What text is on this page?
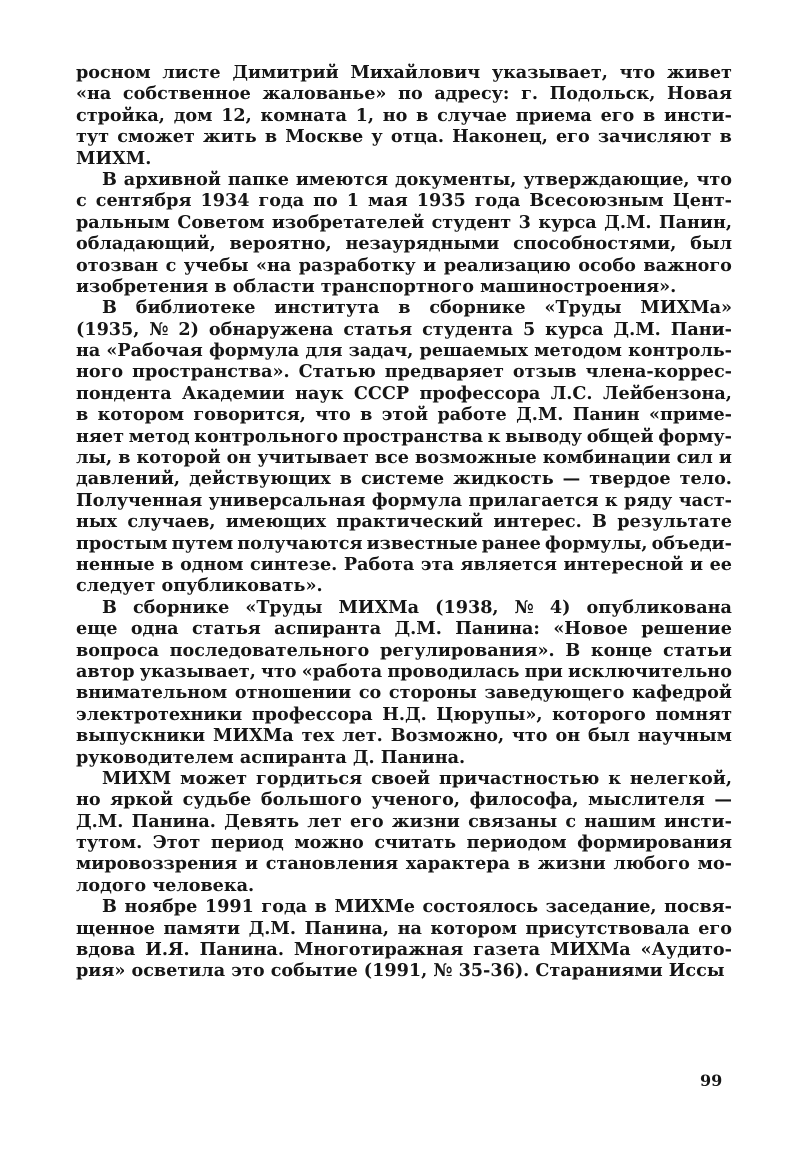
росном листе Димитрий Михайлович указывает, что живет
«на собственное жалованье» по адресу: г. Подольск, Новая
стройка, дом 12, комната 1, но в случае приема его в инсти-
тут сможет жить в Москве у отца. Наконец, его зачисляют в
МИХМ.
В архивной папке имеются документы, утверждающие, что
с сентября 1934 года по 1 мая 1935 года Всесоюзным Цент-
ральным Советом изобретателей студент 3 курса Д.М. Панин,
обладающий, вероятно, незаурядными способностями, был
отозван с учебы «на разработку и реализацию особо важного
изобретения в области транспортного машиностроения».
В библиотеке института в сборнике «Труды МИХМа»
(1935, № 2) обнаружена статья студента 5 курса Д.М. Пани-
на «Рабочая формула для задач, решаемых методом контроль-
ного пространства». Статью предваряет отзыв члена-коррес-
пондента Академии наук СССР профессора Л.С. Лейбензона,
в котором говорится, что в этой работе Д.М. Панин «приме-
няет метод контрольного пространства к выводу общей форму-
лы, в которой он учитывает все возможные комбинации сил и
давлений, действующих в системе жидкость — твердое тело.
Полученная универсальная формула прилагается к ряду част-
ных случаев, имеющих практический интерес. В результате
простым путем получаются известные ранее формулы, объеди-
ненные в одном синтезе. Работа эта является интересной и ее
следует опубликовать».
В сборнике «Труды МИХМа (1938, № 4) опубликована
еще одна статья аспиранта Д.М. Панина: «Новое решение
вопроса последовательного регулирования». В конце статьи
автор указывает, что «работа проводилась при исключительно
внимательном отношении со стороны заведующего кафедрой
электротехники профессора Н.Д. Цюрупы», которого помнят
выпускники МИХМа тех лет. Возможно, что он был научным
руководителем аспиранта Д. Панина.
МИХМ может гордиться своей причастностью к нелегкой,
но яркой судьбе большого ученого, философа, мыслителя —
Д.М. Панина. Девять лет его жизни связаны с нашим инсти-
тутом. Этот период можно считать периодом формирования
мировоззрения и становления характера в жизни любого мо-
лодого человека.
В ноябре 1991 года в МИХМе состоялось заседание, посвя-
щенное памяти Д.М. Панина, на котором присутствовала его
вдова И.Я. Панина. Многотиражная газета МИХМа «Аудито-
рия» осветила это событие (1991, № 35-36). Стараниями Иссы
99
